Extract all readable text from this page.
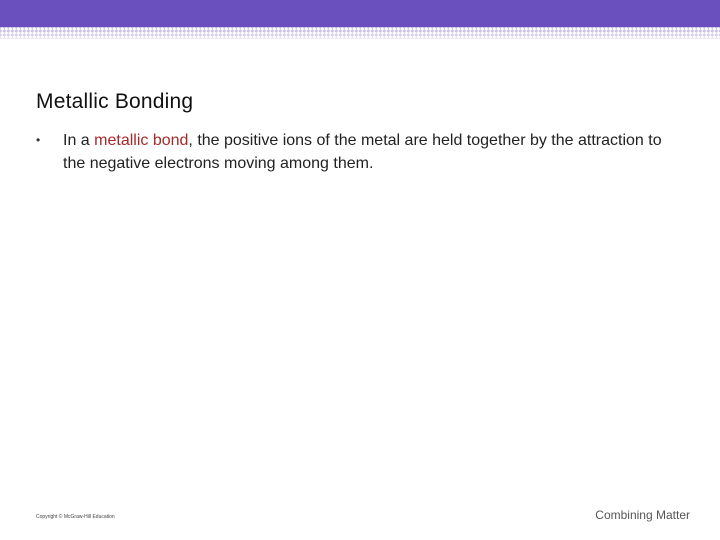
Metallic Bonding
•	In a metallic bond, the positive ions of the metal are held together by the attraction to the negative electrons moving among them.
Copyright © McGraw-Hill Education	Combining Matter
